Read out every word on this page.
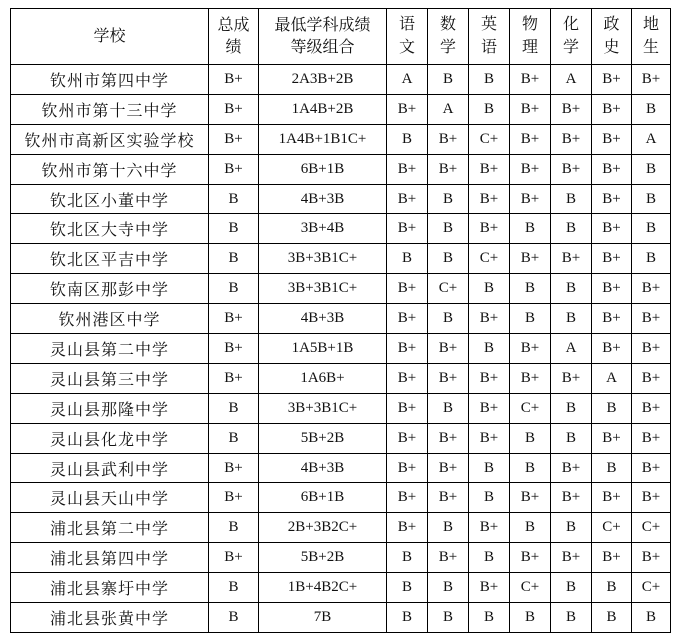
学校	总成绩	最低学科成绩等级组合	语文	数学	英语	物理	化学	政史	地生
钦州市第四中学	B+	2A3B+2B	A	B	B	B+	A	B+	B+
钦州市第十三中学	B+	1A4B+2B	B+	A	B	B+	B+	B+	B
钦州市高新区实验学校	B+	1A4B+1B1C+	B	B+	C+	B+	B+	B+	A
钦州市第十六中学	B+	6B+1B	B+	B+	B+	B+	B+	B+	B
钦北区小董中学	B	4B+3B	B+	B	B+	B+	B	B+	B
钦北区大寺中学	B	3B+4B	B+	B	B+	B	B	B+	B
钦北区平吉中学	B	3B+3B1C+	B	B	C+	B+	B+	B+	B
钦南区那彭中学	B	3B+3B1C+	B+	C+	B	B	B	B+	B+
钦州港区中学	B+	4B+3B	B+	B	B+	B	B	B+	B+
灵山县第二中学	B+	1A5B+1B	B+	B+	B	B+	A	B+	B+
灵山县第三中学	B+	1A6B+	B+	B+	B+	B+	B+	A	B+
灵山县那隆中学	B	3B+3B1C+	B+	B	B+	C+	B	B	B+
灵山县化龙中学	B	5B+2B	B+	B+	B+	B	B	B+	B+
灵山县武利中学	B+	4B+3B	B+	B+	B	B	B+	B	B+
灵山县天山中学	B+	6B+1B	B+	B+	B	B+	B+	B+	B+
浦北县第二中学	B	2B+3B2C+	B+	B	B+	B	B	C+	C+
浦北县第四中学	B+	5B+2B	B	B+	B	B+	B+	B+	B+
浦北县寨圩中学	B	1B+4B2C+	B	B	B+	C+	B	B	C+
浦北县张黄中学	B	7B	B	B	B	B	B	B	B
